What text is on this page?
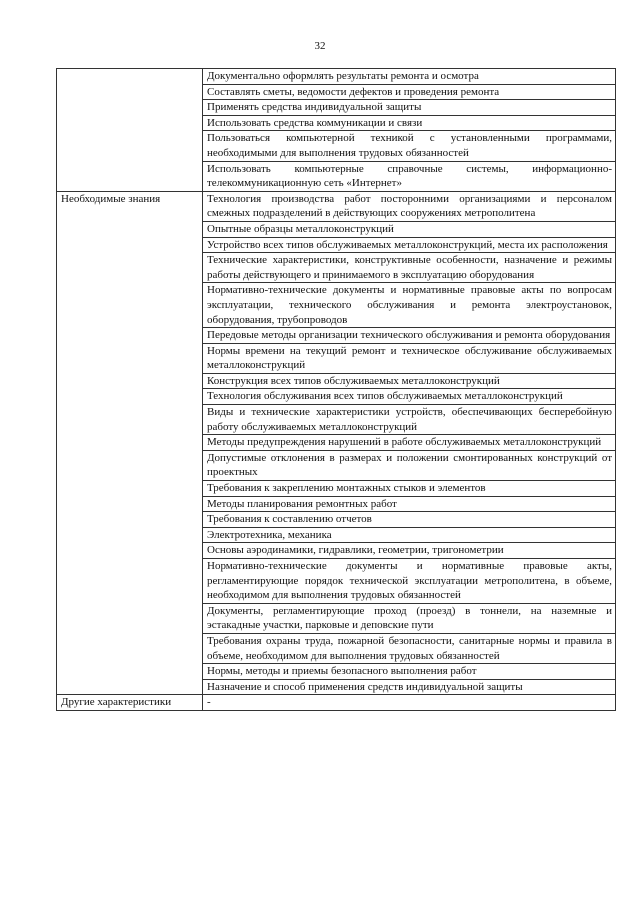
32
	Документально оформлять результаты ремонта и осмотра
	Составлять сметы, ведомости дефектов и проведения ремонта
	Применять средства индивидуальной защиты
	Использовать средства коммуникации и связи
	Пользоваться компьютерной техникой с установленными программами, необходимыми для выполнения трудовых обязанностей
	Использовать компьютерные справочные системы, информационно-телекоммуникационную сеть «Интернет»
Необходимые знания	Технология производства работ посторонними организациями и персоналом смежных подразделений в действующих сооружениях метрополитена
	Опытные образцы металлоконструкций
	Устройство всех типов обслуживаемых металлоконструкций, места их расположения
	Технические характеристики, конструктивные особенности, назначение и режимы работы действующего и принимаемого в эксплуатацию оборудования
	Нормативно-технические документы и нормативные правовые акты по вопросам эксплуатации, технического обслуживания и ремонта электроустановок, оборудования, трубопроводов
	Передовые методы организации технического обслуживания и ремонта оборудования
	Нормы времени на текущий ремонт и техническое обслуживание обслуживаемых металлоконструкций
	Конструкция всех типов обслуживаемых металлоконструкций
	Технология обслуживания всех типов обслуживаемых металлоконструкций
	Виды и технические характеристики устройств, обеспечивающих бесперебойную работу обслуживаемых металлоконструкций
	Методы предупреждения нарушений в работе обслуживаемых металлоконструкций
	Допустимые отклонения в размерах и положении смонтированных конструкций от проектных
	Требования к закреплению монтажных стыков и элементов
	Методы планирования ремонтных работ
	Требования к составлению отчетов
	Электротехника, механика
	Основы аэродинамики, гидравлики, геометрии, тригонометрии
	Нормативно-технические документы и нормативные правовые акты, регламентирующие порядок технической эксплуатации метрополитена, в объеме, необходимом для выполнения трудовых обязанностей
	Документы, регламентирующие проход (проезд) в тоннели, на наземные и эстакадные участки, парковые и деповские пути
	Требования охраны труда, пожарной безопасности, санитарные нормы и правила в объеме, необходимом для выполнения трудовых обязанностей
	Нормы, методы и приемы безопасного выполнения работ
	Назначение и способ применения средств индивидуальной защиты
Другие характеристики	-
